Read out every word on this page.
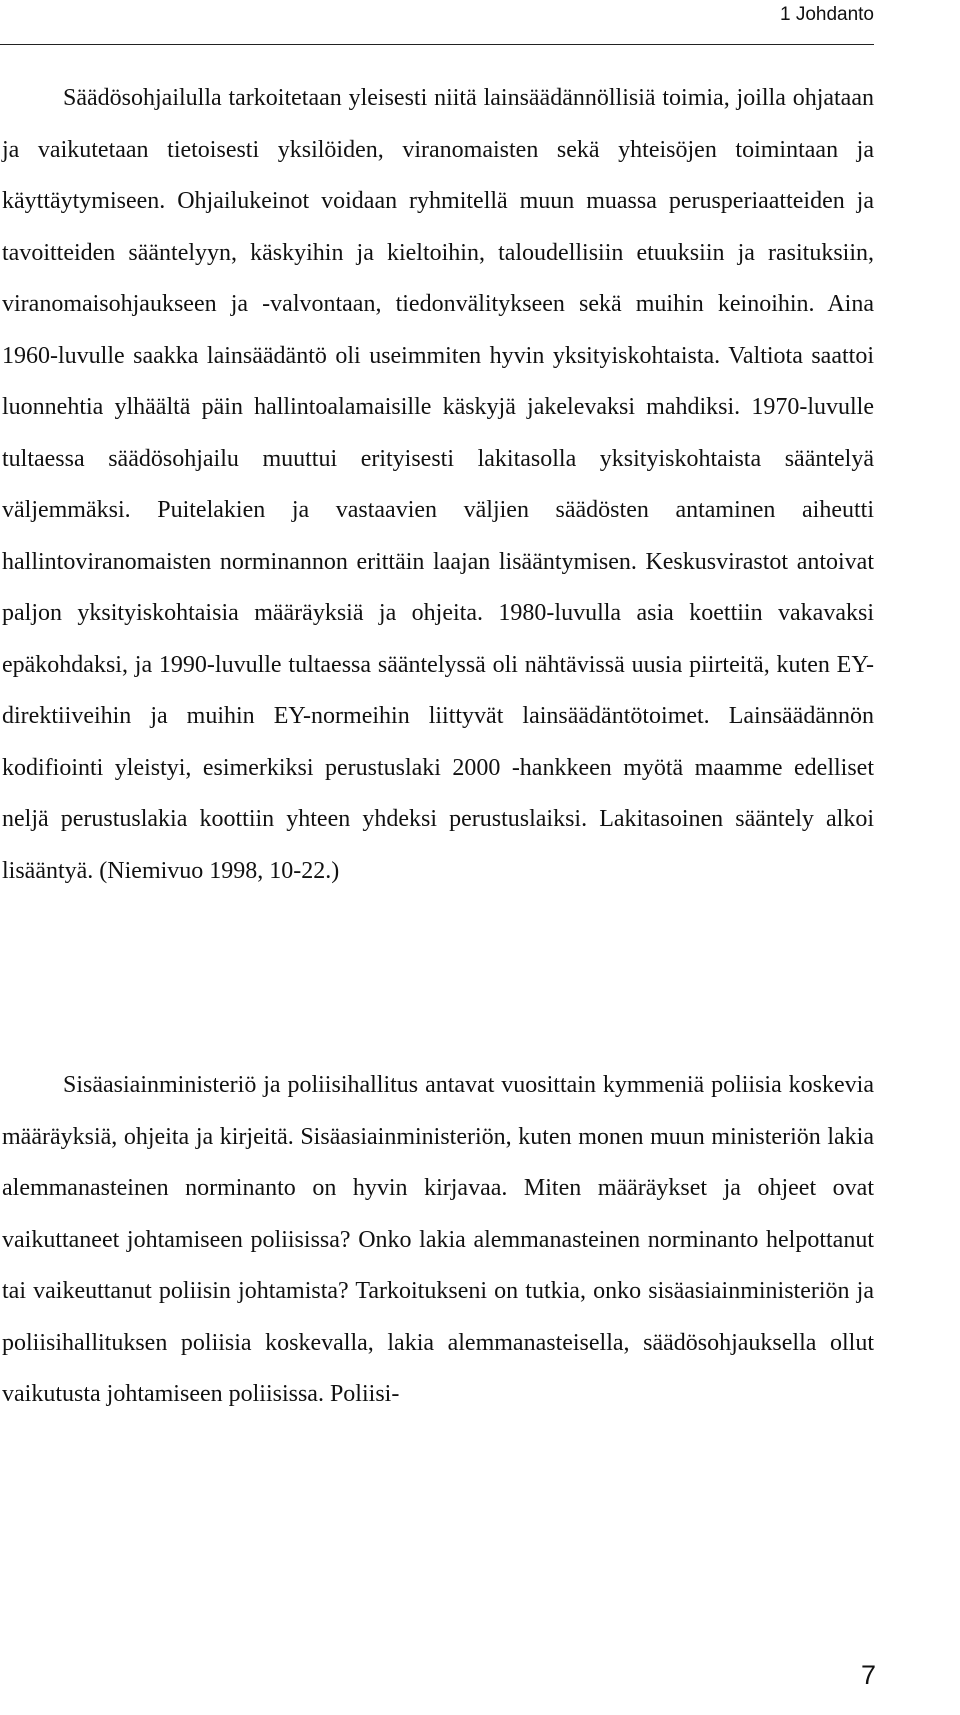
1 Johdanto

Säädösohjailulla tarkoitetaan yleisesti niitä lainsäädännöllisiä toimia, joilla ohjataan ja vaikutetaan tietoisesti yksilöiden, viranomaisten sekä yhteisöjen toimintaan ja käyttäytymiseen. Ohjailukeinot voidaan ryhmitellä muun muassa perusperiaatteiden ja tavoitteiden sääntelyyn, käskyihin ja kieltoihin, taloudellisiin etuuksiin ja rasituksiin, viranomaisohjaukseen ja -valvontaan, tiedonvälitykseen sekä muihin keinoihin. Aina 1960-luvulle saakka lainsäädäntö oli useimmiten hyvin yksityiskohtaista. Valtiota saattoi luonnehtia ylhäältä päin hallintoalamaisille käskyjä jakelevaksi mahdiksi. 1970-luvulle tultaessa säädösohjailu muuttui erityisesti lakitasolla yksityiskohtaista sääntelyä väljemmäksi. Puitelakien ja vastaavien väljien säädösten antaminen aiheutti hallintoviranomaisten norminannon erittäin laajan lisääntymisen. Keskusvirastot antoivat paljon yksityiskohtaisia määräyksiä ja ohjeita. 1980-luvulla asia koettiin vakavaksi epäkohdaksi, ja 1990-luvulle tultaessa sääntelyssä oli nähtävissä uusia piirteitä, kuten EY-direktiiveihin ja muihin EY-normeihin liittyvät lainsäädäntötoimet. Lainsäädännön kodifiointi yleistyi, esimerkiksi perustuslaki 2000 -hankkeen myötä maamme edelliset neljä perustuslakia koottiin yhteen yhdeksi perustuslaiksi. Lakitasoinen sääntely alkoi lisääntyä. (Niemivuo 1998, 10-22.)

Sisäasiainministeriö ja poliisihallitus antavat vuosittain kymmeniä poliisia koskevia määräyksiä, ohjeita ja kirjeitä. Sisäasiainministeriön, kuten monen muun ministeriön lakia alemmanasteinen norminanto on hyvin kirjavaa. Miten määräykset ja ohjeet ovat vaikuttaneet johtamiseen poliisissa? Onko lakia alemmanasteinen norminanto helpottanut tai vaikeuttanut poliisin johtamista? Tarkoitukseni on tutkia, onko sisäasiainministeriön ja poliisihallituksen poliisia koskevalla, lakia alemmanasteisella, säädösohjauksella ollut vaikutusta johtamiseen poliisissa. Poliisi-

7
